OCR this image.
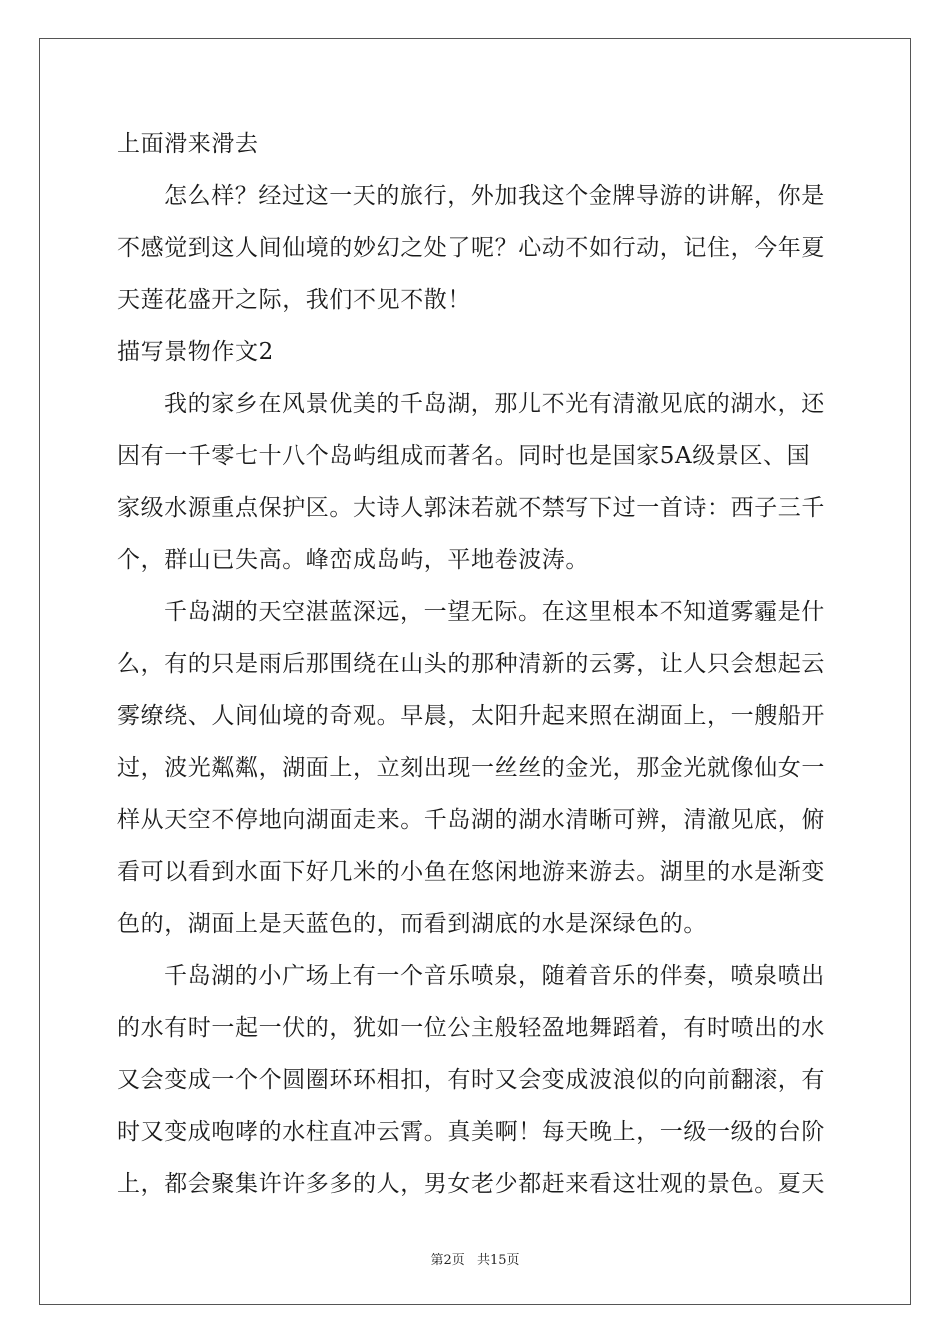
上面滑来滑去
怎么样？经过这一天的旅行，外加我这个金牌导游的讲解，你是
不感觉到这人间仙境的妙幻之处了呢？心动不如行动，记住，今年夏
天莲花盛开之际，我们不见不散！
描写景物作文2
我的家乡在风景优美的千岛湖，那儿不光有清澈见底的湖水，还
因有一千零七十八个岛屿组成而著名。同时也是国家5A级景区、国
家级水源重点保护区。大诗人郭沫若就不禁写下过一首诗：西子三千
个，群山已失高。峰峦成岛屿，平地卷波涛。
千岛湖的天空湛蓝深远，一望无际。在这里根本不知道雾霾是什
么，有的只是雨后那围绕在山头的那种清新的云雾，让人只会想起云
雾缭绕、人间仙境的奇观。早晨，太阳升起来照在湖面上，一艘船开
过，波光粼粼，湖面上，立刻出现一丝丝的金光，那金光就像仙女一
样从天空不停地向湖面走来。千岛湖的湖水清晰可辨，清澈见底，俯
看可以看到水面下好几米的小鱼在悠闲地游来游去。湖里的水是渐变
色的，湖面上是天蓝色的，而看到湖底的水是深绿色的。
千岛湖的小广场上有一个音乐喷泉，随着音乐的伴奏，喷泉喷出
的水有时一起一伏的，犹如一位公主般轻盈地舞蹈着，有时喷出的水
又会变成一个个圆圈环环相扣，有时又会变成波浪似的向前翻滚，有
时又变成咆哮的水柱直冲云霄。真美啊！每天晚上，一级一级的台阶
上，都会聚集许许多多的人，男女老少都赶来看这壮观的景色。夏天
第2页 共15页
